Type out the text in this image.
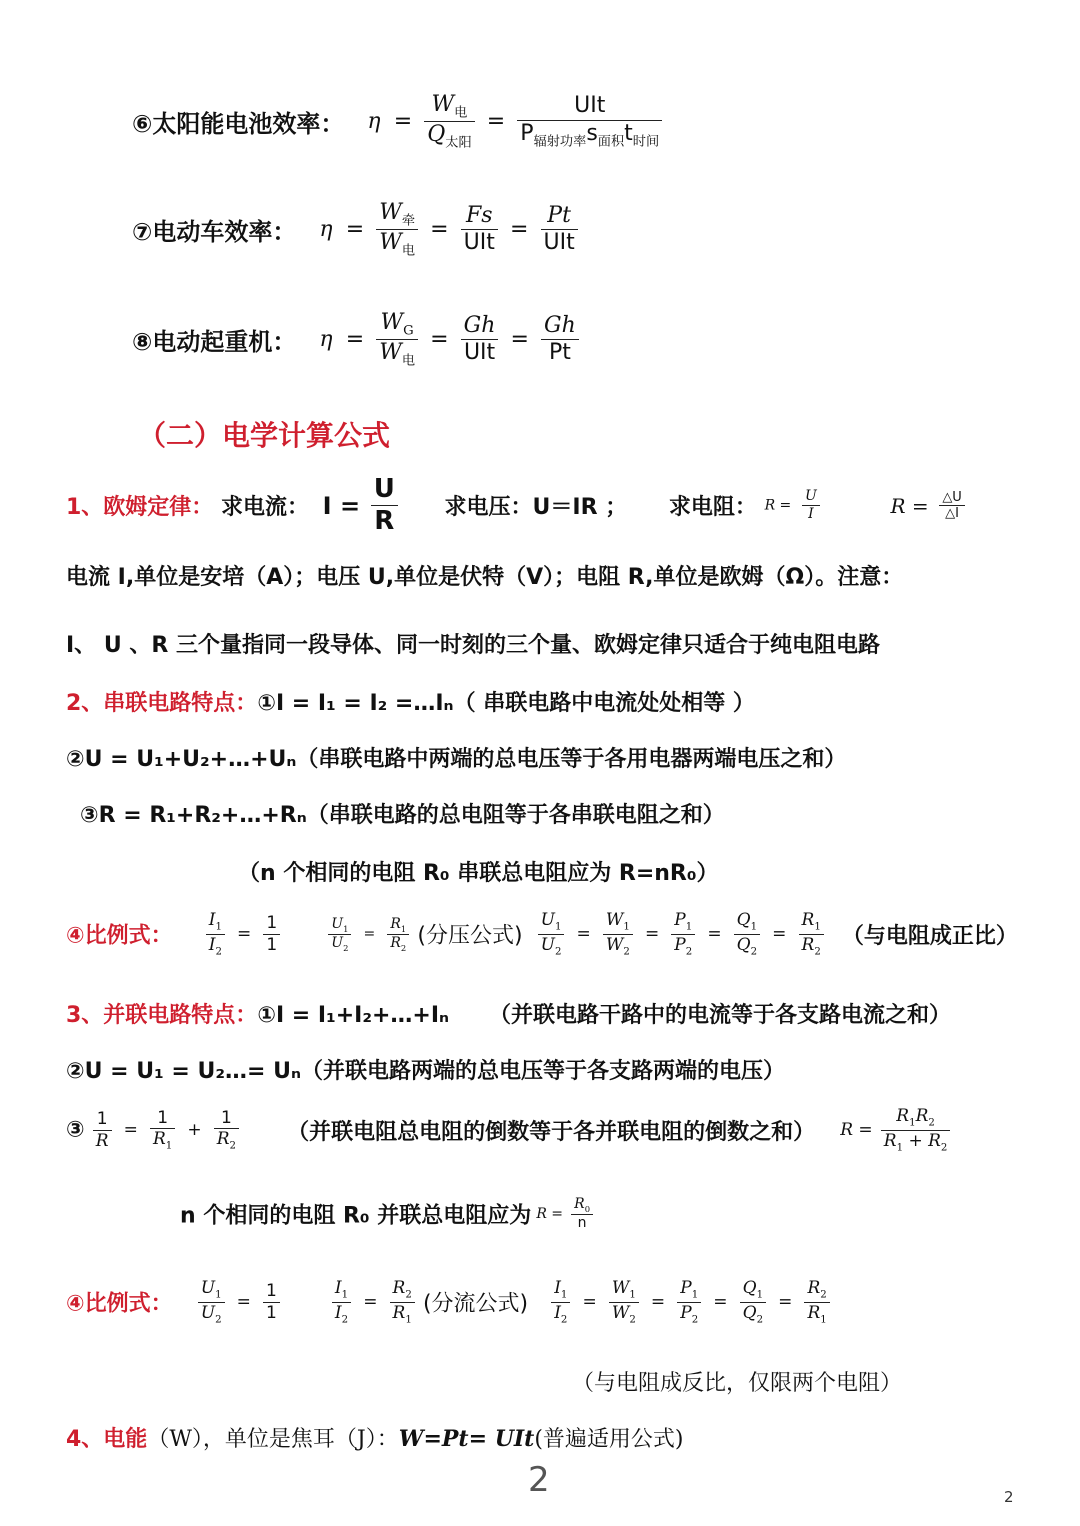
⑥太阳能电池效率： $\eta = \frac{W_电}{Q_{太阳}} = \frac{\text{UIt}}{P_{辐射功率}s_{面积}t_{时间}}$
⑦电动车效率： $\eta = \frac{W_牵}{W_电} = \frac{Fs}{\text{UIt}} = \frac{Pt}{\text{UIt}}$
⑧电动起重机： $\eta = \frac{W_G}{W_电} = \frac{Gh}{\text{UIt}} = \frac{Gh}{Pt}$
（二）电学计算公式
1、欧姆定律： 求电流： $I = \frac{U}{R}$ 求电压：U＝IR ； 求电阻： $R = \frac{U}{I}$	$R = \frac{\triangle U}{\triangle I}$
电流 I,单位是安培（A）；电压 U,单位是伏特（V）；电阻 R,单位是欧姆（Ω）。注意：
I、 U 、R 三个量指同一段导体、同一时刻的三个量、欧姆定律只适合于纯电阻电路
2、串联电路特点：①I = I₁ = I₂ =…Iₙ（ 串联电路中电流处处相等 ）
②U = U₁+U₂+…+Uₙ（串联电路中两端的总电压等于各用电器两端电压之和）
③R = R₁+R₂+…+Rₙ（串联电路的总电阻等于各串联电阻之和）
（n 个相同的电阻 R₀ 串联总电阻应为 R=nR₀）
④比例式： $\frac{I_1}{I_2} = \frac{1}{1}$
	$\frac{U_1}{U_2} = \frac{R_1}{R_2}$ (分压公式) $\frac{U_1}{U_2} = \frac{W_1}{W_2} = \frac{P_1}{P_2} = \frac{Q_1}{Q_2} = \frac{R_1}{R_2}$ （与电阻成正比）
3、并联电路特点：①I = I₁+I₂+…+Iₙ （并联电路干路中的电流等于各支路电流之和）
②U = U₁ = U₂…= Uₙ（并联电路两端的总电压等于各支路两端的电压）
③ $\frac{1}{R} = \frac{1}{R_1} + \frac{1}{R_2}$ （并联电阻总电阻的倒数等于各并联电阻的倒数之和） $R = \frac{R_1R_2}{R_1 + R_2}$
n 个相同的电阻 R₀ 并联总电阻应为 $R = \frac{R_0}{n}$
④比例式： $\frac{U_1}{U_2} = \frac{1}{1}$
	$\frac{I_1}{I_2} = \frac{R_2}{R_1}$ (分流公式) $\frac{I_1}{I_2} = \frac{W_1}{W_2} = \frac{P_1}{P_2} = \frac{Q_1}{Q_2} = \frac{R_2}{R_1}$
（与电阻成反比，仅限两个电阻）
4、电能（W），单位是焦耳（J）：W=Pt= UIt(普遍适用公式)
2	2
